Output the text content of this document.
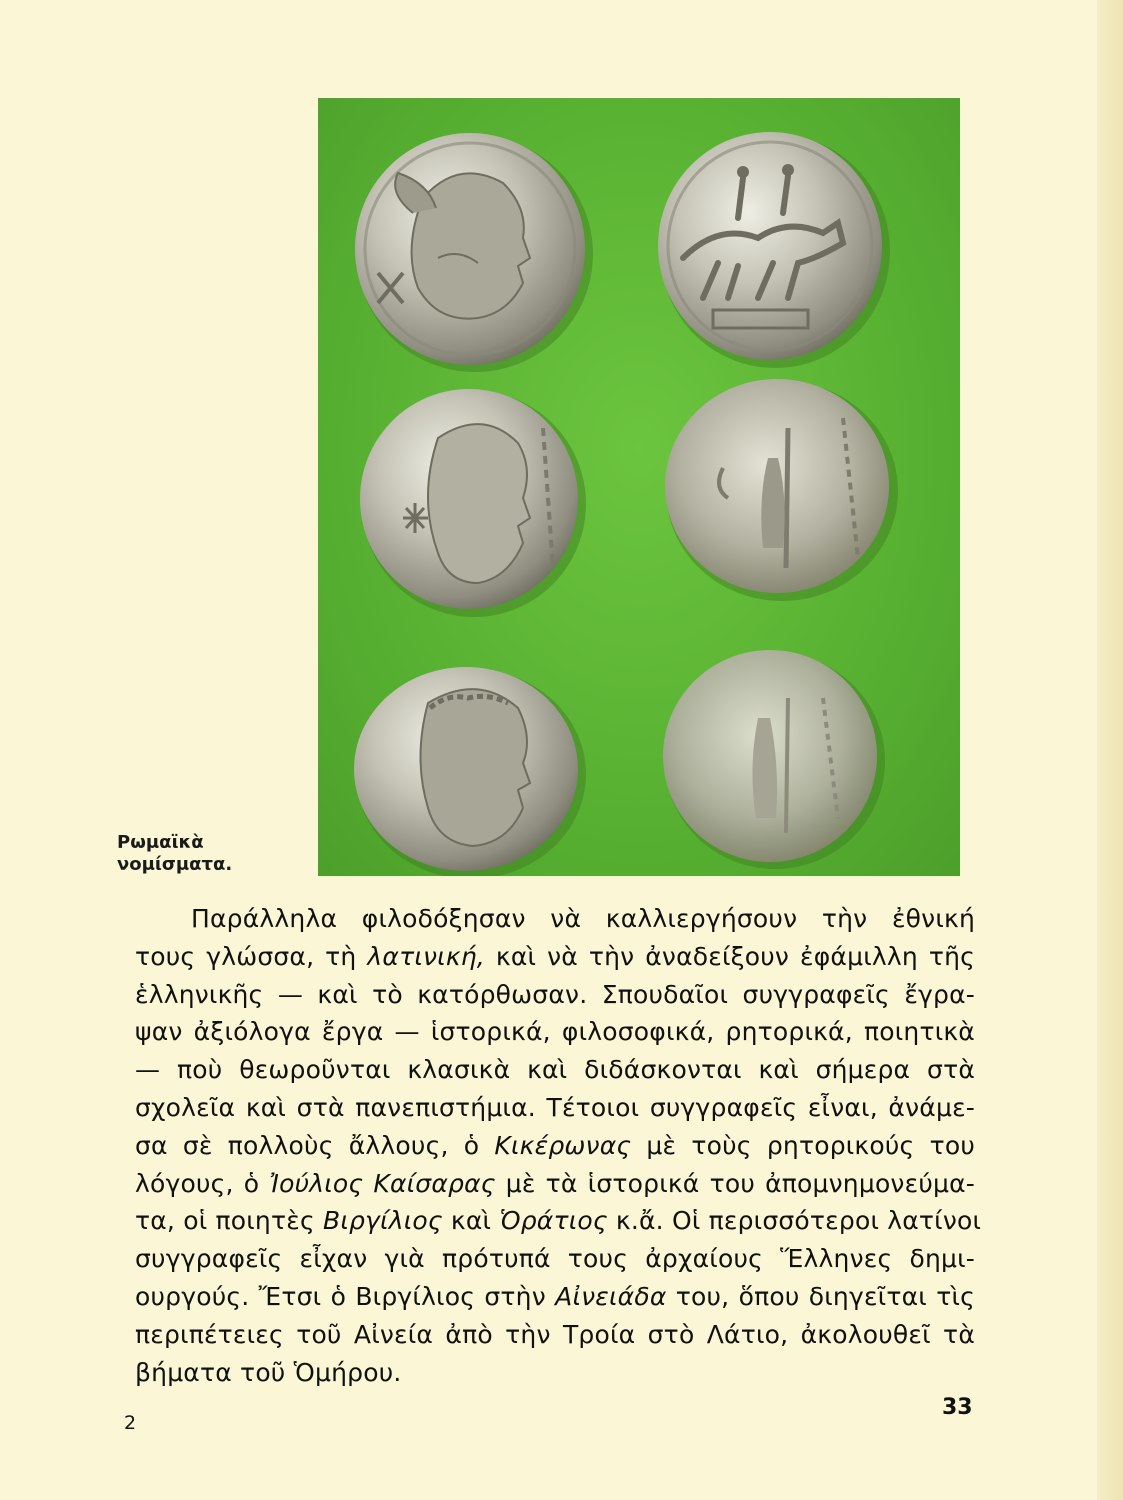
Ρωμαϊκὰ
νομίσματα.
Παράλληλα φιλοδόξησαν νὰ καλλιεργήσουν τὴν ἐθνική
τους γλώσσα, τὴ λατινική, καὶ νὰ τὴν ἀναδείξουν ἐφάμιλλη τῆς
ἑλληνικῆς — καὶ τὸ κατόρθωσαν. Σπουδαῖοι συγγραφεῖς ἔγρα-
ψαν ἀξιόλογα ἔργα — ἱστορικά, φιλοσοφικά, ρητορικά, ποιητικὰ
— ποὺ θεωροῦνται κλασικὰ καὶ διδάσκονται καὶ σήμερα στὰ
σχολεῖα καὶ στὰ πανεπιστήμια. Τέτοιοι συγγραφεῖς εἶναι, ἀνάμε-
σα σὲ πολλοὺς ἄλλους, ὁ Κικέρωνας μὲ τοὺς ρητορικούς του
λόγους, ὁ Ἰούλιος Καίσαρας μὲ τὰ ἱστορικά του ἀπομνημονεύμα-
τα, οἱ ποιητὲς Βιργίλιος καὶ Ὁράτιος κ.ἄ. Οἱ περισσότεροι λατίνοι
συγγραφεῖς εἶχαν γιὰ πρότυπά τους ἀρχαίους Ἕλληνες δημι-
ουργούς. Ἔτσι ὁ Βιργίλιος στὴν Αἰνειάδα του, ὅπου διηγεῖται τὶς
περιπέτειες τοῦ Αἰνεία ἀπὸ τὴν Τροία στὸ Λάτιο, ἀκολουθεῖ τὰ
βήματα τοῦ Ὁμήρου.
33
2
